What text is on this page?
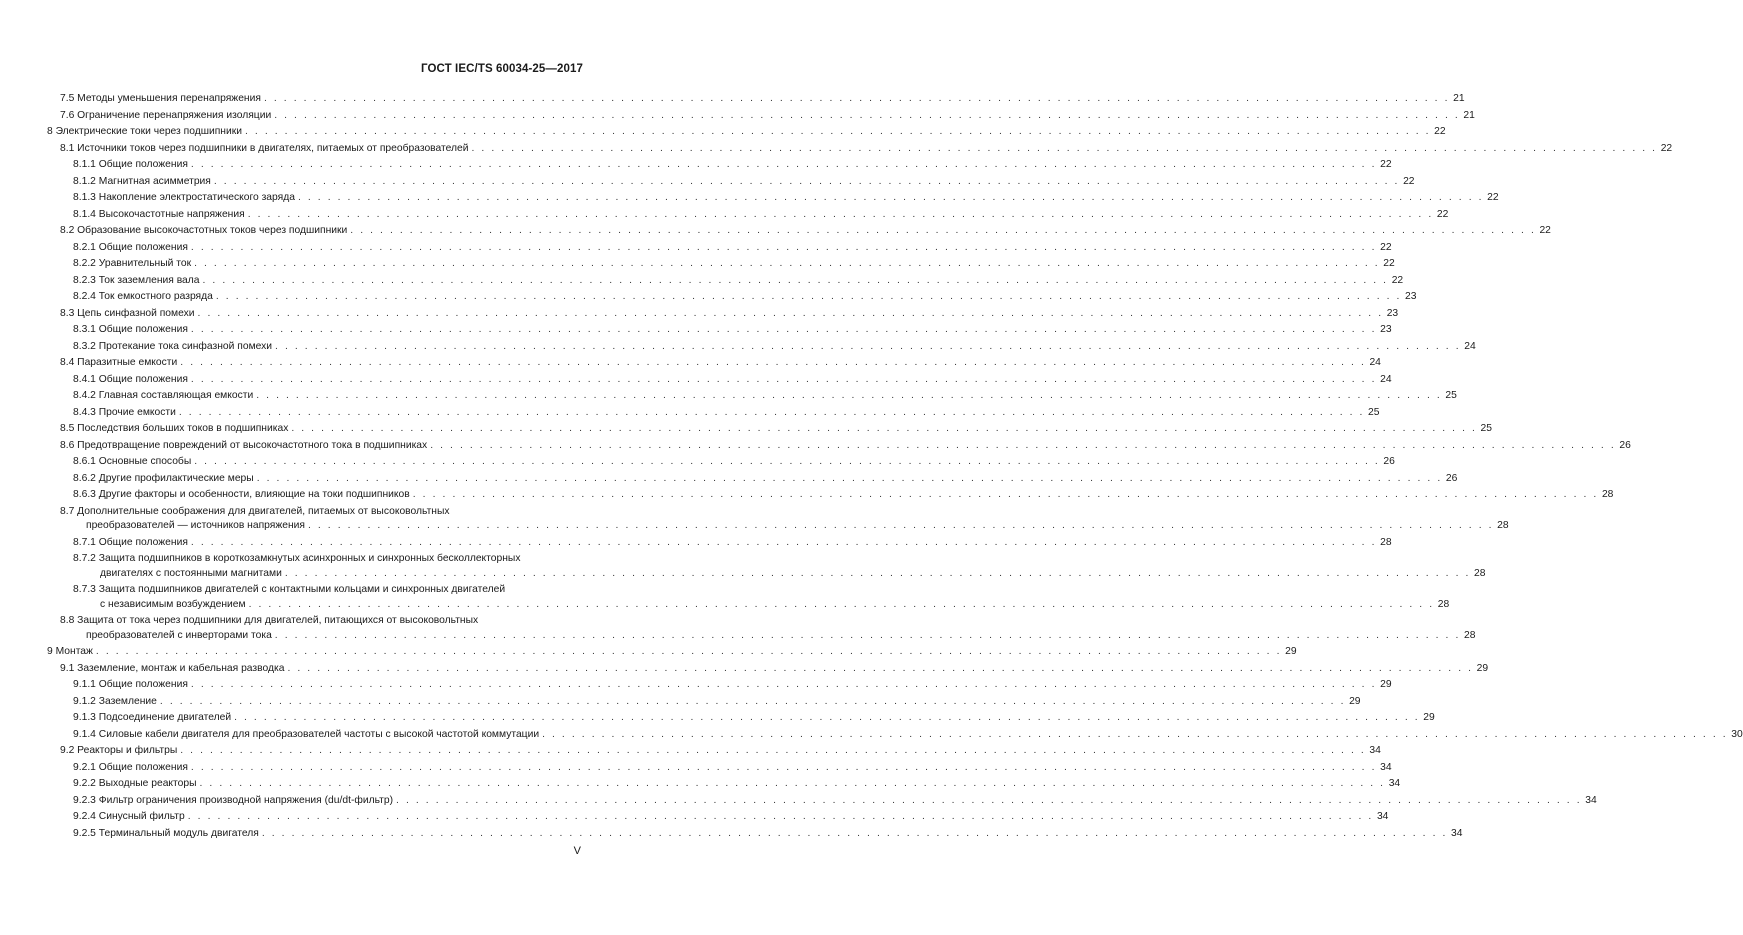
ГОСТ IEC/TS 60034-25—2017
7.5 Методы уменьшения перенапряжения . . . . . . . . . . . . . . . . . . . . . . . . . . . . . . . . . . . . . . . . . . . . . . . . . . . . . . . . . . . . . . . . . . . . . . . . . . . . . . . . . . . . . . . . . . . . . . . . . . . . . . . . . . . . . . . . . . . . . . . . 21
7.6 Ограничение перенапряжения изоляции . . . . . . . . . . . . . . . . . . . . . . . . . . . . . . . . . . . . . . . . . . . . . . . . . . . . . . . . . . . . . . . . . . . . . . . . . . . . . . . . . . . . . . . . . . . . . . . . . . . . . . . . . . . . . . . . . . . . . . . . 21
8 Электрические токи через подшипники . . . . . . . . . . . . . . . . . . . . . . . . . . . . . . . . . . . . . . . . . . . . . . . . . . . . . . . . . . . . . . . . . . . . . . . . . . . . . . . . . . . . . . . . . . . . . . . . . . . . . . . . . . . . . . . . . . . . . . . . 22
8.1 Источники токов через подшипники в двигателях, питаемых от преобразователей . . . . . . . . . . . . . . . . . . . . . . . . . . . . . . . . . . . . . . . . . . . . . . . . . . . . . . . . . . . . . . . . . . . . . . . . . . . . . . . . . . . . . . . . . . . . . . . . . . . . . . . . . . . . . . . . . . . . . . . . 22
8.1.1 Общие положения . . . . . . . . . . . . . . . . . . . . . . . . . . . . . . . . . . . . . . . . . . . . . . . . . . . . . . . . . . . . . . . . . . . . . . . . . . . . . . . . . . . . . . . . . . . . . . . . . . . . . . . . . . . . . . . . . . . . . . . . 22
8.1.2 Магнитная асимметрия . . . . . . . . . . . . . . . . . . . . . . . . . . . . . . . . . . . . . . . . . . . . . . . . . . . . . . . . . . . . . . . . . . . . . . . . . . . . . . . . . . . . . . . . . . . . . . . . . . . . . . . . . . . . . . . . . . . . . . . . 22
8.1.3 Накопление электростатического заряда . . . . . . . . . . . . . . . . . . . . . . . . . . . . . . . . . . . . . . . . . . . . . . . . . . . . . . . . . . . . . . . . . . . . . . . . . . . . . . . . . . . . . . . . . . . . . . . . . . . . . . . . . . . . . . . . . . . . . . . . 22
8.1.4 Высокочастотные напряжения . . . . . . . . . . . . . . . . . . . . . . . . . . . . . . . . . . . . . . . . . . . . . . . . . . . . . . . . . . . . . . . . . . . . . . . . . . . . . . . . . . . . . . . . . . . . . . . . . . . . . . . . . . . . . . . . . . . . . . . . 22
8.2 Образование высокочастотных токов через подшипники . . . . . . . . . . . . . . . . . . . . . . . . . . . . . . . . . . . . . . . . . . . . . . . . . . . . . . . . . . . . . . . . . . . . . . . . . . . . . . . . . . . . . . . . . . . . . . . . . . . . . . . . . . . . . . . . . . . . . . . . 22
8.2.1 Общие положения . . . . . . . . . . . . . . . . . . . . . . . . . . . . . . . . . . . . . . . . . . . . . . . . . . . . . . . . . . . . . . . . . . . . . . . . . . . . . . . . . . . . . . . . . . . . . . . . . . . . . . . . . . . . . . . . . . . . . . . . 22
8.2.2 Уравнительный ток . . . . . . . . . . . . . . . . . . . . . . . . . . . . . . . . . . . . . . . . . . . . . . . . . . . . . . . . . . . . . . . . . . . . . . . . . . . . . . . . . . . . . . . . . . . . . . . . . . . . . . . . . . . . . . . . . . . . . . . . 22
8.2.3 Ток заземления вала . . . . . . . . . . . . . . . . . . . . . . . . . . . . . . . . . . . . . . . . . . . . . . . . . . . . . . . . . . . . . . . . . . . . . . . . . . . . . . . . . . . . . . . . . . . . . . . . . . . . . . . . . . . . . . . . . . . . . . . . 22
8.2.4 Ток емкостного разряда . . . . . . . . . . . . . . . . . . . . . . . . . . . . . . . . . . . . . . . . . . . . . . . . . . . . . . . . . . . . . . . . . . . . . . . . . . . . . . . . . . . . . . . . . . . . . . . . . . . . . . . . . . . . . . . . . . . . . . . . 23
8.3 Цепь синфазной помехи . . . . . . . . . . . . . . . . . . . . . . . . . . . . . . . . . . . . . . . . . . . . . . . . . . . . . . . . . . . . . . . . . . . . . . . . . . . . . . . . . . . . . . . . . . . . . . . . . . . . . . . . . . . . . . . . . . . . . . . . 23
8.3.1 Общие положения . . . . . . . . . . . . . . . . . . . . . . . . . . . . . . . . . . . . . . . . . . . . . . . . . . . . . . . . . . . . . . . . . . . . . . . . . . . . . . . . . . . . . . . . . . . . . . . . . . . . . . . . . . . . . . . . . . . . . . . . 23
8.3.2 Протекание тока синфазной помехи . . . . . . . . . . . . . . . . . . . . . . . . . . . . . . . . . . . . . . . . . . . . . . . . . . . . . . . . . . . . . . . . . . . . . . . . . . . . . . . . . . . . . . . . . . . . . . . . . . . . . . . . . . . . . . . . . . . . . . . . 24
8.4 Паразитные емкости . . . . . . . . . . . . . . . . . . . . . . . . . . . . . . . . . . . . . . . . . . . . . . . . . . . . . . . . . . . . . . . . . . . . . . . . . . . . . . . . . . . . . . . . . . . . . . . . . . . . . . . . . . . . . . . . . . . . . . . . 24
8.4.1 Общие положения . . . . . . . . . . . . . . . . . . . . . . . . . . . . . . . . . . . . . . . . . . . . . . . . . . . . . . . . . . . . . . . . . . . . . . . . . . . . . . . . . . . . . . . . . . . . . . . . . . . . . . . . . . . . . . . . . . . . . . . . 24
8.4.2 Главная составляющая емкости . . . . . . . . . . . . . . . . . . . . . . . . . . . . . . . . . . . . . . . . . . . . . . . . . . . . . . . . . . . . . . . . . . . . . . . . . . . . . . . . . . . . . . . . . . . . . . . . . . . . . . . . . . . . . . . . . . . . . . . . 25
8.4.3 Прочие емкости . . . . . . . . . . . . . . . . . . . . . . . . . . . . . . . . . . . . . . . . . . . . . . . . . . . . . . . . . . . . . . . . . . . . . . . . . . . . . . . . . . . . . . . . . . . . . . . . . . . . . . . . . . . . . . . . . . . . . . . . 25
8.5 Последствия больших токов в подшипниках . . . . . . . . . . . . . . . . . . . . . . . . . . . . . . . . . . . . . . . . . . . . . . . . . . . . . . . . . . . . . . . . . . . . . . . . . . . . . . . . . . . . . . . . . . . . . . . . . . . . . . . . . . . . . . . . . . . . . . . . 25
8.6 Предотвращение повреждений от высокочастотного тока в подшипниках . . . . . . . . . . . . . . . . . . . . . . . . . . . . . . . . . . . . . . . . . . . . . . . . . . . . . . . . . . . . . . . . . . . . . . . . . . . . . . . . . . . . . . . . . . . . . . . . . . . . . . . . . . . . . . . . . . . . . . . . 26
8.6.1 Основные способы . . . . . . . . . . . . . . . . . . . . . . . . . . . . . . . . . . . . . . . . . . . . . . . . . . . . . . . . . . . . . . . . . . . . . . . . . . . . . . . . . . . . . . . . . . . . . . . . . . . . . . . . . . . . . . . . . . . . . . . . 26
8.6.2 Другие профилактические меры . . . . . . . . . . . . . . . . . . . . . . . . . . . . . . . . . . . . . . . . . . . . . . . . . . . . . . . . . . . . . . . . . . . . . . . . . . . . . . . . . . . . . . . . . . . . . . . . . . . . . . . . . . . . . . . . . . . . . . . . 26
8.6.3 Другие факторы и особенности, влияющие на токи подшипников . . . . . . . . . . . . . . . . . . . . . . . . . . . . . . . . . . . . . . . . . . . . . . . . . . . . . . . . . . . . . . . . . . . . . . . . . . . . . . . . . . . . . . . . . . . . . . . . . . . . . . . . . . . . . . . . . . . . . . . . 28
8.7 Дополнительные соображения для двигателей, питаемых от высоковольтных
преобразователей — источников напряжения . . . . . . . . . . . . . . . . . . . . . . . . . . . . . . . . . . . . . . . . . . . . . . . . . . . . . . . . . . . . . . . . . . . . . . . . . . . . . . . . . . . . . . . . . . . . . . . . . . . . . . . . . . . . . . . . . . . . . . . . 28
8.7.1 Общие положения . . . . . . . . . . . . . . . . . . . . . . . . . . . . . . . . . . . . . . . . . . . . . . . . . . . . . . . . . . . . . . . . . . . . . . . . . . . . . . . . . . . . . . . . . . . . . . . . . . . . . . . . . . . . . . . . . . . . . . . . 28
8.7.2 Защита подшипников в короткозамкнутых асинхронных и синхронных бесколлекторных
двигателях с постоянными магнитами . . . . . . . . . . . . . . . . . . . . . . . . . . . . . . . . . . . . . . . . . . . . . . . . . . . . . . . . . . . . . . . . . . . . . . . . . . . . . . . . . . . . . . . . . . . . . . . . . . . . . . . . . . . . . . . . . . . . . . . . 28
8.7.3 Защита подшипников двигателей с контактными кольцами и синхронных двигателей
с независимым возбуждением . . . . . . . . . . . . . . . . . . . . . . . . . . . . . . . . . . . . . . . . . . . . . . . . . . . . . . . . . . . . . . . . . . . . . . . . . . . . . . . . . . . . . . . . . . . . . . . . . . . . . . . . . . . . . . . . . . . . . . . . 28
8.8 Защита от тока через подшипники для двигателей, питающихся от высоковольтных
преобразователей с инверторами тока . . . . . . . . . . . . . . . . . . . . . . . . . . . . . . . . . . . . . . . . . . . . . . . . . . . . . . . . . . . . . . . . . . . . . . . . . . . . . . . . . . . . . . . . . . . . . . . . . . . . . . . . . . . . . . . . . . . . . . . . 28
9 Монтаж . . . . . . . . . . . . . . . . . . . . . . . . . . . . . . . . . . . . . . . . . . . . . . . . . . . . . . . . . . . . . . . . . . . . . . . . . . . . . . . . . . . . . . . . . . . . . . . . . . . . . . . . . . . . . . . . . . . . . . . . 29
9.1 Заземление, монтаж и кабельная разводка . . . . . . . . . . . . . . . . . . . . . . . . . . . . . . . . . . . . . . . . . . . . . . . . . . . . . . . . . . . . . . . . . . . . . . . . . . . . . . . . . . . . . . . . . . . . . . . . . . . . . . . . . . . . . . . . . . . . . . . . 29
9.1.1 Общие положения . . . . . . . . . . . . . . . . . . . . . . . . . . . . . . . . . . . . . . . . . . . . . . . . . . . . . . . . . . . . . . . . . . . . . . . . . . . . . . . . . . . . . . . . . . . . . . . . . . . . . . . . . . . . . . . . . . . . . . . . 29
9.1.2 Заземление . . . . . . . . . . . . . . . . . . . . . . . . . . . . . . . . . . . . . . . . . . . . . . . . . . . . . . . . . . . . . . . . . . . . . . . . . . . . . . . . . . . . . . . . . . . . . . . . . . . . . . . . . . . . . . . . . . . . . . . . 29
9.1.3 Подсоединение двигателей . . . . . . . . . . . . . . . . . . . . . . . . . . . . . . . . . . . . . . . . . . . . . . . . . . . . . . . . . . . . . . . . . . . . . . . . . . . . . . . . . . . . . . . . . . . . . . . . . . . . . . . . . . . . . . . . . . . . . . . . 29
9.1.4 Силовые кабели двигателя для преобразователей частоты с высокой частотой коммутации . . . . . . . . . . . . . . . . . . . . . . . . . . . . . . . . . . . . . . . . . . . . . . . . . . . . . . . . . . . . . . . . . . . . . . . . . . . . . . . . . . . . . . . . . . . . . . . . . . . . . . . . . . . . . . . . . . . . . . . . 30
9.2 Реакторы и фильтры . . . . . . . . . . . . . . . . . . . . . . . . . . . . . . . . . . . . . . . . . . . . . . . . . . . . . . . . . . . . . . . . . . . . . . . . . . . . . . . . . . . . . . . . . . . . . . . . . . . . . . . . . . . . . . . . . . . . . . . . 34
9.2.1 Общие положения . . . . . . . . . . . . . . . . . . . . . . . . . . . . . . . . . . . . . . . . . . . . . . . . . . . . . . . . . . . . . . . . . . . . . . . . . . . . . . . . . . . . . . . . . . . . . . . . . . . . . . . . . . . . . . . . . . . . . . . . 34
9.2.2 Выходные реакторы . . . . . . . . . . . . . . . . . . . . . . . . . . . . . . . . . . . . . . . . . . . . . . . . . . . . . . . . . . . . . . . . . . . . . . . . . . . . . . . . . . . . . . . . . . . . . . . . . . . . . . . . . . . . . . . . . . . . . . . . 34
9.2.3 Фильтр ограничения производной напряжения (du/dt-фильтр) . . . . . . . . . . . . . . . . . . . . . . . . . . . . . . . . . . . . . . . . . . . . . . . . . . . . . . . . . . . . . . . . . . . . . . . . . . . . . . . . . . . . . . . . . . . . . . . . . . . . . . . . . . . . . . . . . . . . . . . . 34
9.2.4 Синусный фильтр . . . . . . . . . . . . . . . . . . . . . . . . . . . . . . . . . . . . . . . . . . . . . . . . . . . . . . . . . . . . . . . . . . . . . . . . . . . . . . . . . . . . . . . . . . . . . . . . . . . . . . . . . . . . . . . . . . . . . . . . 34
9.2.5 Терминальный модуль двигателя . . . . . . . . . . . . . . . . . . . . . . . . . . . . . . . . . . . . . . . . . . . . . . . . . . . . . . . . . . . . . . . . . . . . . . . . . . . . . . . . . . . . . . . . . . . . . . . . . . . . . . . . . . . . . . . . . . . . . . . . 34
V
